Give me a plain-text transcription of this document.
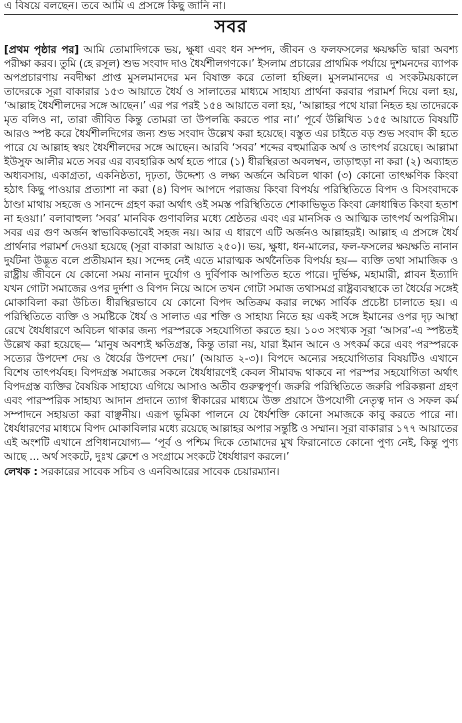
এ বিষয়ে বলছেন। তবে আমি এ প্রসঙ্গে কিছু জানি না।
সবর
[প্রথম পৃষ্ঠার পর] আমি তোমাদিগকে ভয়, ক্ষুধা এবং ধন সম্পদ, জীবন ও ফলফসলের ক্ষয়ক্ষতি দ্বারা অবশ্য পরীক্ষা করব। তুমি (হে রসূল) শুভ সংবাদ দাও ধৈর্যশীলগণকে।’ ইসলাম প্রচারের প্রাথমিক পর্যায়ে দুশমনদের ব্যাপক অপপ্রচারণায় নবদীক্ষা প্রাপ্ত মুসলমানদের মন বিষাক্ত করে তোলা হচ্ছিল। মুসলমানদের এ সংকটময়কালে তাদেরকে সূরা বাকারার ১৫৩ আয়াতে ধৈর্য ও সালাতের মাধ্যমে সাহায্য প্রার্থনা করবার পরামর্শ দিয়ে বলা হয়, ‘আল্লাহ ধৈর্যশীলদের সঙ্গে আছেন।’ এর পর পরই ১৫৪ আয়াতে বলা হয়, ‘আল্লাহর পথে যারা নিহত হয় তাদেরকে মৃত বলিও না, তারা জীবিত কিন্তু তোমরা তা উপলব্ধি করতে পার না।’ পূর্বে উল্লিখিত ১৫৫ আয়াতে বিষয়টি আরও স্পষ্ট করে ধৈর্যশীলদিগের জন্য শুভ সংবাদ উল্লেখ করা হয়েছে। বস্তুত এর চাইতে বড় শুভ সংবাদ কী হতে পারে যে আল্লাহ স্বয়ং ধৈর্যশীলদের সঙ্গে আছেন। আরবি ‘সবর’ শব্দের বহুমাত্রিক অর্থ ও তাৎপর্য রয়েছে। আল্লামা ইউসুফ আলীর মতে সবর এর ব্যবহারিক অর্থ হতে পারে (১) ধীরস্থিরতা অবলম্বন, তাড়াহুড়া না করা (২) অব্যাহত অধ্যবসায়, একাগ্রতা, একনিষ্ঠতা, দৃঢ়তা, উদ্দেশ্য ও লক্ষ্য অর্জনে অবিচল থাকা (৩) কোনো তাৎক্ষণিক কিংবা হঠাৎ কিছু পাওয়ার প্রত্যাশা না করা (৪) বিপদ আপদে পরাজয় কিংবা বিপর্যয় পরিস্থিতিতে বিপদ ও বিসংবাদকে ঠাণ্ডা মাথায় সহজে ও সানন্দে গ্রহণ করা অর্থাৎ ওই সমস্ত পরিস্থিতিতে শোকাভিভূত কিংবা ক্রোধান্বিত কিংবা হতাশ না হওয়া।’ বলাবাহুল্য ‘সবর’ মানবিক গুণাবলির মধ্যে শ্রেষ্ঠতর এবং এর মানসিক ও আত্মিক তাৎপর্য অপরিসীম। সবর এর গুণ অর্জন স্বাভাবিকভাবেই সহজ নয়। আর এ ধারণে এটি অর্জনও আল্লাহরই। আল্লাহ এ প্রসঙ্গে ধৈর্য প্রার্থনার পরামর্শ দেওয়া হয়েছে (সূরা বাকারা আয়াত ২৫০)। ভয়, ক্ষুধা, ধন-মালের, ফল-ফসলের ক্ষয়ক্ষতি নানান দুর্যটনা উদ্ভূত বলে প্রতীয়মান হয়। সন্দেহ নেই এতে মারাত্মক অর্থনৈতিক বিপর্যয় হয়— ব্যক্তি তথা সামাজিক ও রাষ্ট্রীয় জীবনে যে কোনো সময় নানান দুর্যোগ ও দুর্বিপাক আপতিত হতে পারে। দুর্ভিক্ষ, মহামারী, প্লাবন ইত্যাদি যখন গোটা সমাজের ওপর দুর্দশা ও বিপদ নিয়ে আসে তখন গোটা সমাজ তথাসমগ্র রাষ্ট্রব্যবস্থাকে তা ধৈর্যের সঙ্গেই মোকাবিলা করা উচিত। ধীরস্থিরভাবে যে কোনো বিপদ অতিক্রম করার লক্ষ্যে সার্বিক প্রচেষ্টা চালাতে হয়। এ পরিস্থিতিতে ব্যক্তি ও সমষ্টিকে ধৈর্য ও সালাত এর শক্তি ও সাহায্য নিতে হয় একই সঙ্গে ইমানের ওপর দৃঢ় আস্থা রেখে ধৈর্যধারণে অবিচল থাকার জন্য পরস্পরকে সহযোগিতা করতে হয়। ১০৩ সংখ্যক সূরা ‘আসর’-এ স্পষ্টতই উল্লেখ করা হয়েছে— ‘মানুষ অবশ্যই ক্ষতিগ্রস্ত, কিন্তু তারা নয়, যারা ইমান আনে ও সৎকর্ম করে এবং পরস্পরকে সত্যের উপদেশ দেয় ও ধৈর্যের উপদেশ দেয়।’ (আয়াত ২-৩)। বিপদে অন্যের সহযোগিতার বিষয়টিও এখানে বিশেষ তাৎপর্যবহ। বিপদগ্রস্ত সমাজের সকলে ধৈর্যধারণেই কেবল সীমাবদ্ধ থাকবে না পরস্পর সহযোগিতা অর্থাৎ বিপদগ্রস্ত ব্যক্তির বৈষয়িক সাহায্যে এগিয়ে আসাও অতীব গুরুত্বপূর্ণ। জরুরি পরিস্থিতিতে জরুরি পরিকল্পনা গ্রহণ এবং পারস্পরিক সাহায্য আদান প্রদানে ত্যাগ স্বীকারের মাধ্যমে উক্ত প্রয়াসে উপযোগী নেতৃত্ব দান ও সফল কর্ম সম্পাদনে সহায়তা করা বাঞ্ছনীয়। এরূপ ভূমিকা পালনে যে ধৈর্যশক্তি কোনো সমাজকে কাবু করতে পারে না। ধৈর্যধারণের মাধ্যমে বিপদ মোকাবিলার মধ্যে রয়েছে আল্লাহর অপার সন্তুষ্টি ও সম্মান। সূরা বাকারার ১৭৭ আয়াতের এই অংশটি এখানে প্রণিধানযোগ্য— ‘পূর্ব ও পশ্চিম দিকে তোমাদের মুখ ফিরানোতে কোনো পুণ্য নেই, কিন্তু পুণ্য আছে ... অর্থ সংকটে, দুঃখ ক্লেশে ও সংগ্রামে সংকটে ধৈর্যধারণ করলে।’
লেখক : সরকারের সাবেক সচিব ও এনবিআরের সাবেক চেয়ারম্যান।
